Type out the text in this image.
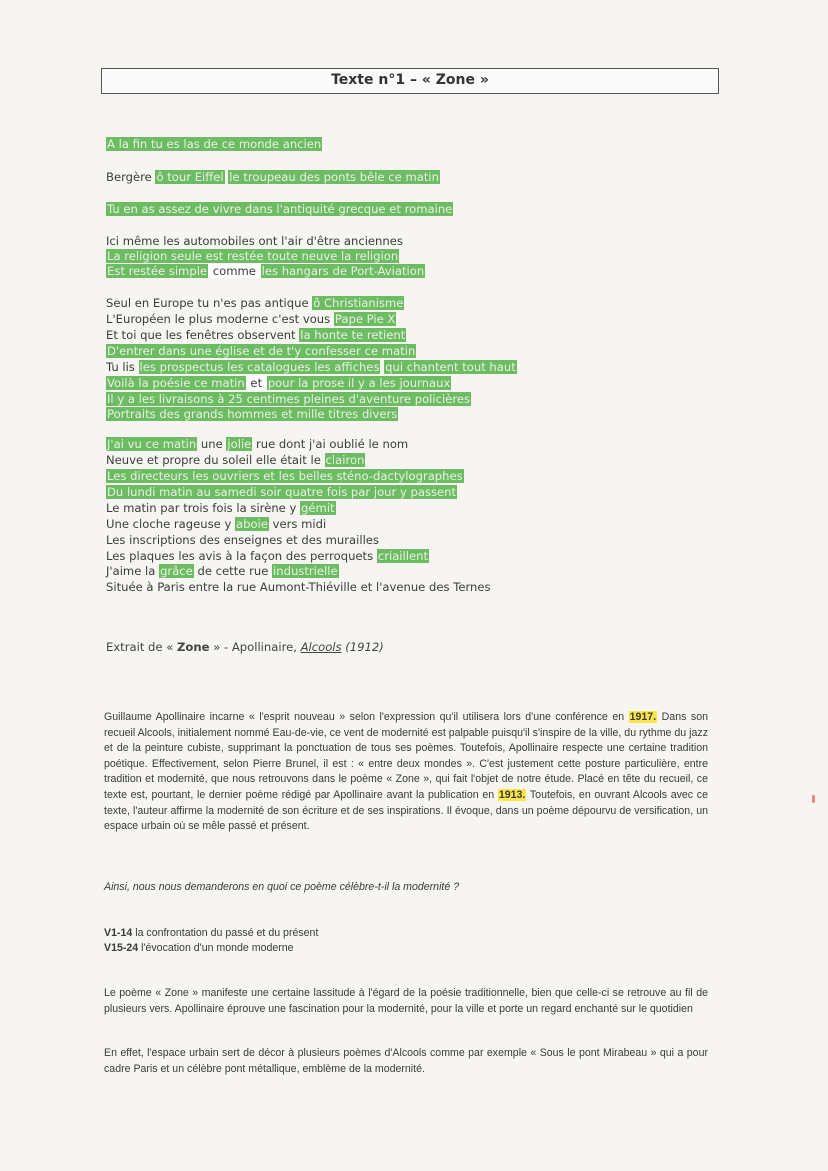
Texte n°1 – « Zone »
A la fin tu es las de ce monde ancien
Bergère ô tour Eiffel le troupeau des ponts bêle ce matin
Tu en as assez de vivre dans l'antiquité grecque et romaine
Ici même les automobiles ont l'air d'être anciennes
La religion seule est restée toute neuve la religion
Est restée simple comme les hangars de Port-Aviation
Seul en Europe tu n'es pas antique ô Christianisme
L'Européen le plus moderne c'est vous Pape Pie X
Et toi que les fenêtres observent la honte te retient
D'entrer dans une église et de t'y confesser ce matin
Tu lis les prospectus les catalogues les affiches qui chantent tout haut
Voilà la poésie ce matin et pour la prose il y a les journaux
Il y a les livraisons à 25 centimes pleines d'aventure policières
Portraits des grands hommes et mille titres divers
J'ai vu ce matin une jolie rue dont j'ai oublié le nom
Neuve et propre du soleil elle était le clairon
Les directeurs les ouvriers et les belles sténo-dactylographes
Du lundi matin au samedi soir quatre fois par jour y passent
Le matin par trois fois la sirène y gémit
Une cloche rageuse y aboie vers midi
Les inscriptions des enseignes et des murailles
Les plaques les avis à la façon des perroquets criaillent
J'aime la grâce de cette rue industrielle
Située à Paris entre la rue Aumont-Thiéville et l'avenue des Ternes
Extrait de « Zone » - Apollinaire, Alcools (1912)
Guillaume Apollinaire incarne « l'esprit nouveau » selon l'expression qu'il utilisera lors d'une conférence en 1917. Dans son recueil Alcools, initialement nommé Eau-de-vie, ce vent de modernité est palpable puisqu'il s'inspire de la ville, du rythme du jazz et de la peinture cubiste, supprimant la ponctuation de tous ses poèmes. Toutefois, Apollinaire respecte une certaine tradition poétique. Effectivement, selon Pierre Brunel, il est : « entre deux mondes ». C'est justement cette posture particulière, entre tradition et modernité, que nous retrouvons dans le poème « Zone », qui fait l'objet de notre étude. Placé en tête du recueil, ce texte est, pourtant, le dernier poème rédigé par Apollinaire avant la publication en 1913. Toutefois, en ouvrant Alcools avec ce texte, l'auteur affirme la modernité de son écriture et de ses inspirations. Il évoque, dans un poème dépourvu de versification, un espace urbain où se mêle passé et présent.
Ainsi, nous nous demanderons en quoi ce poème célèbre-t-il la modernité ?
V1-14 la confrontation du passé et du présent
V15-24 l'évocation d'un monde moderne
Le poème « Zone » manifeste une certaine lassitude à l'égard de la poésie traditionnelle, bien que celle-ci se retrouve au fil de plusieurs vers. Apollinaire éprouve une fascination pour la modernité, pour la ville et porte un regard enchanté sur le quotidien
En effet, l'espace urbain sert de décor à plusieurs poèmes d'Alcools comme par exemple « Sous le pont Mirabeau » qui a pour cadre Paris et un célèbre pont métallique, emblème de la modernité.
